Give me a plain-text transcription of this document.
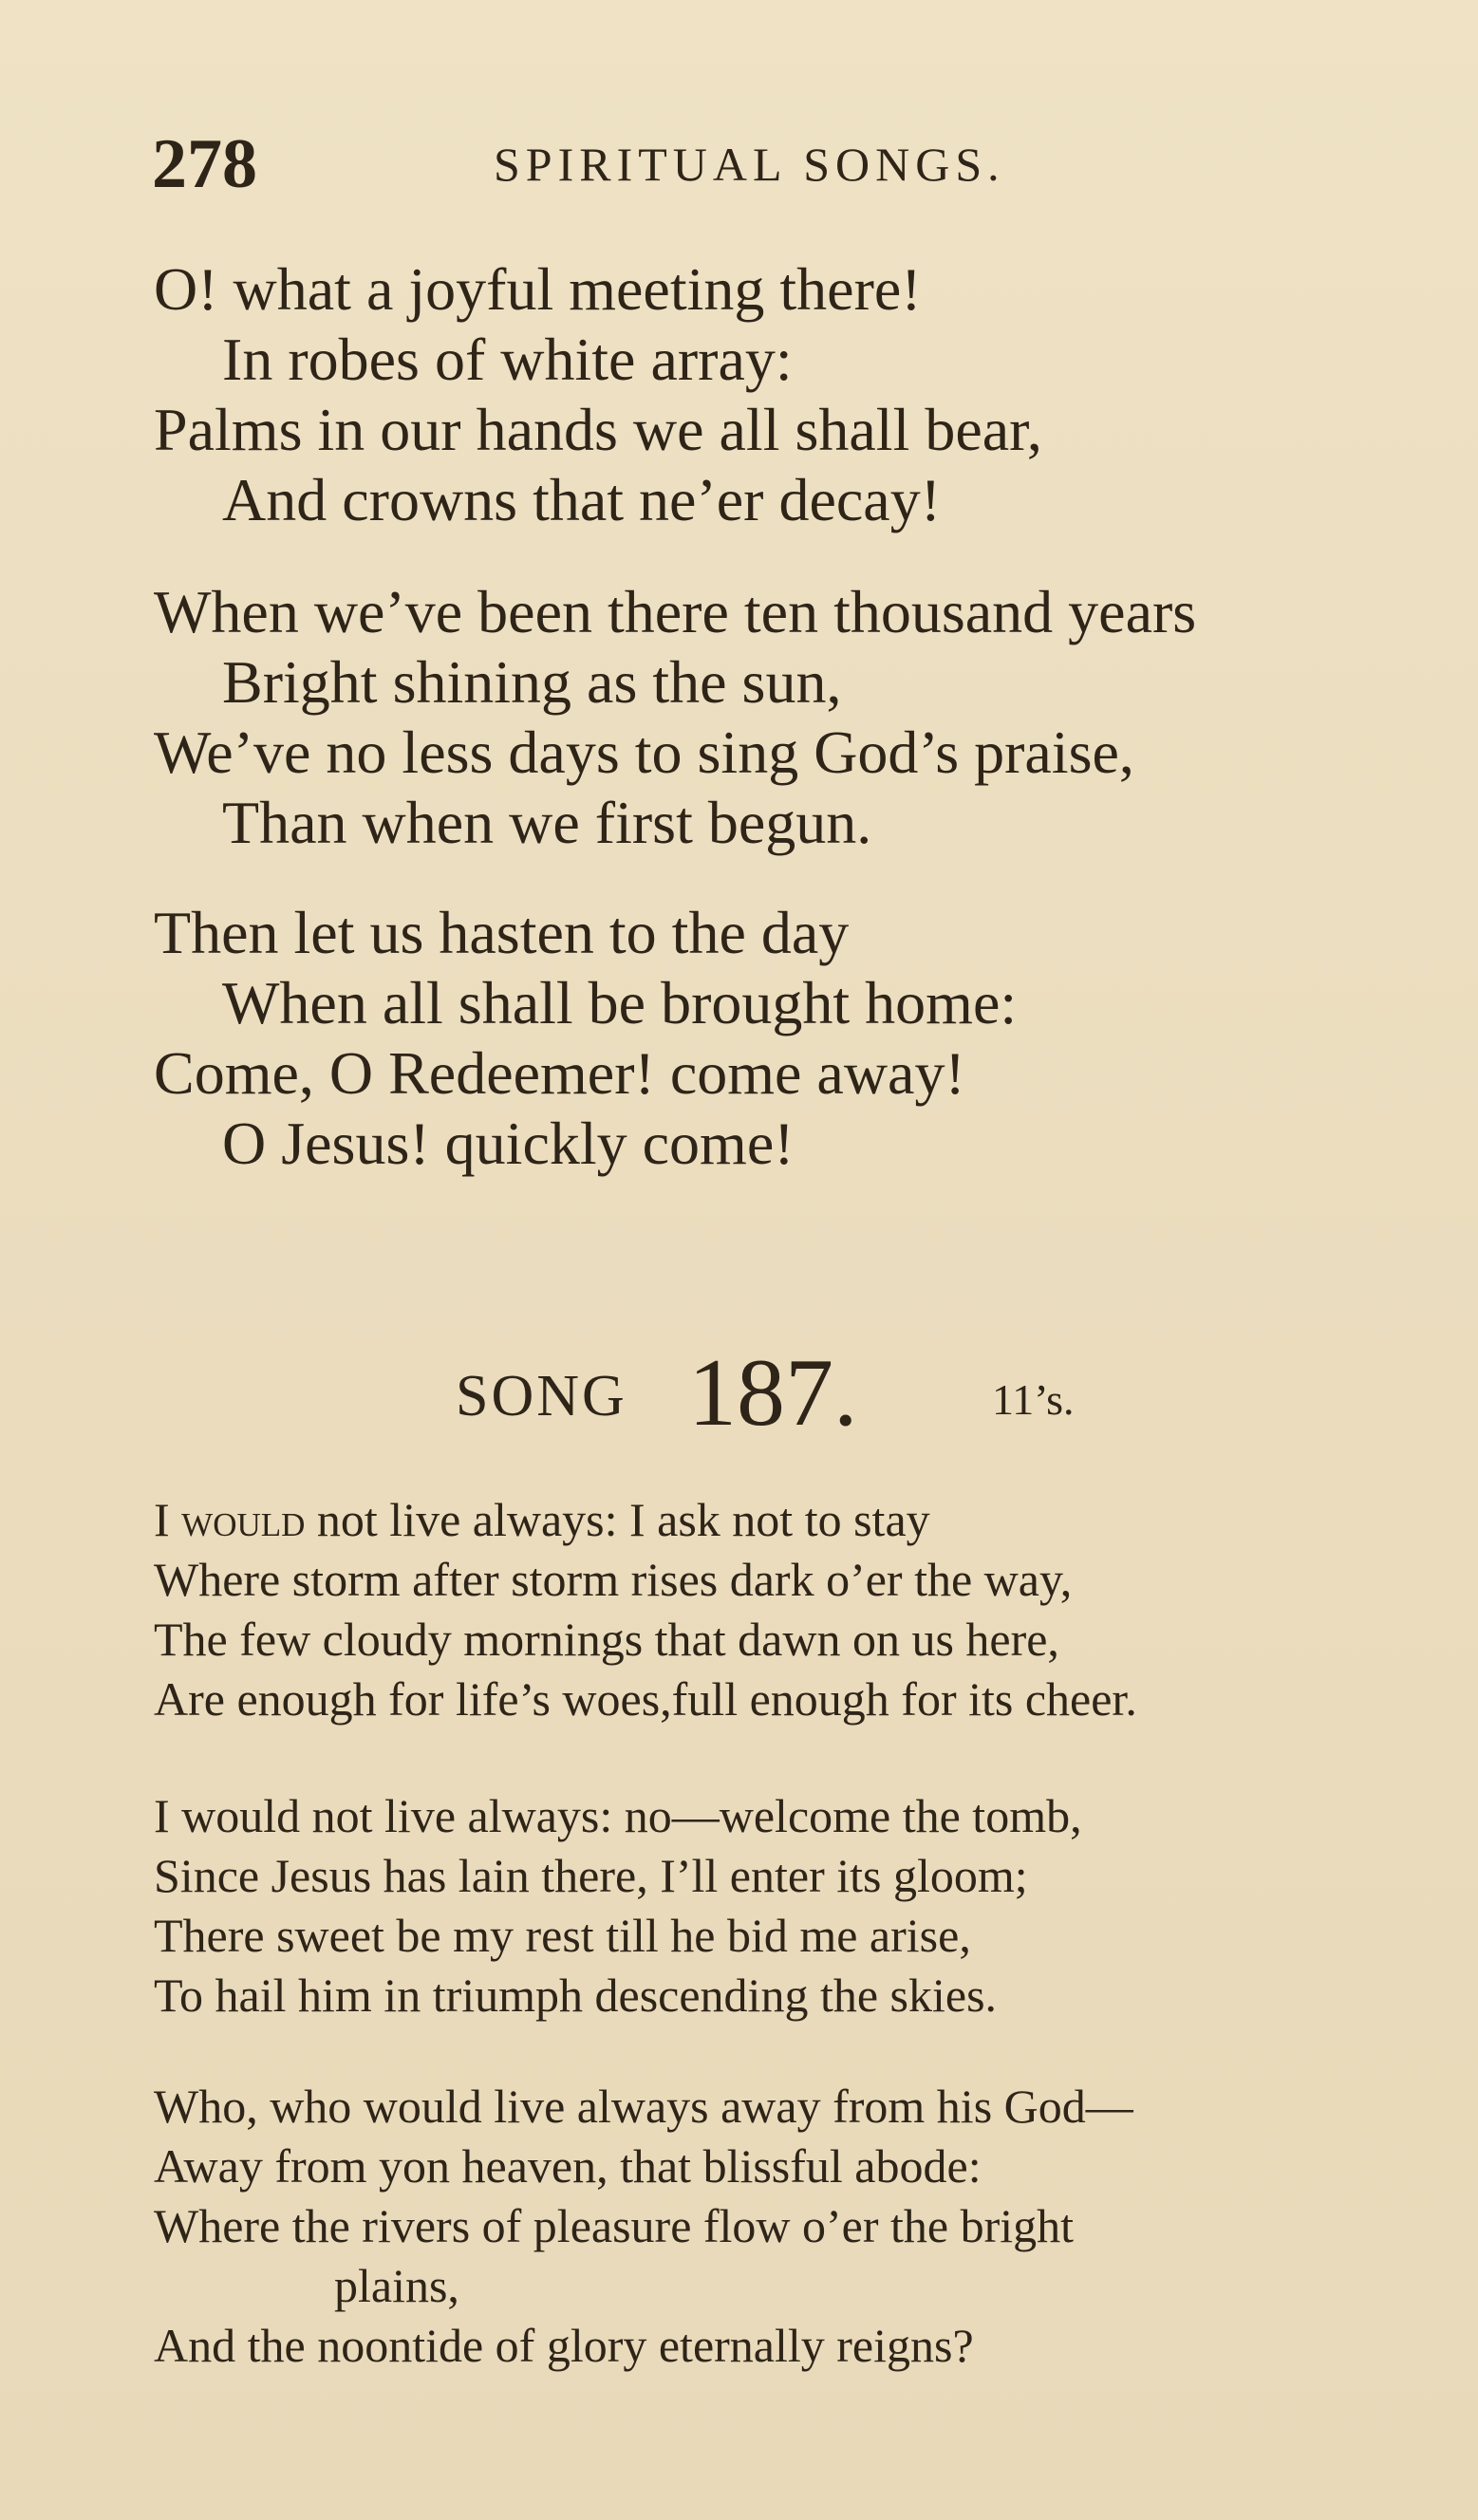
278	SPIRITUAL SONGS.
O! what a joyful meeting there!
In robes of white array:
Palms in our hands we all shall bear,
And crowns that ne’er decay!
When we’ve been there ten thousand years
Bright shining as the sun,
We’ve no less days to sing God’s praise,
Than when we first begun.
Then let us hasten to the day
When all shall be brought home:
Come, O Redeemer! come away!
O Jesus! quickly come!
SONG 187.	11’s.
I would not live always: I ask not to stay
Where storm after storm rises dark o’er the way,
The few cloudy mornings that dawn on us here,
Are enough for life’s woes,full enough for its cheer.
I would not live always: no—welcome the tomb,
Since Jesus has lain there, I’ll enter its gloom;
There sweet be my rest till he bid me arise,
To hail him in triumph descending the skies.
Who, who would live always away from his God—
Away from yon heaven, that blissful abode:
Where the rivers of pleasure flow o’er the bright
plains,
And the noontide of glory eternally reigns?
